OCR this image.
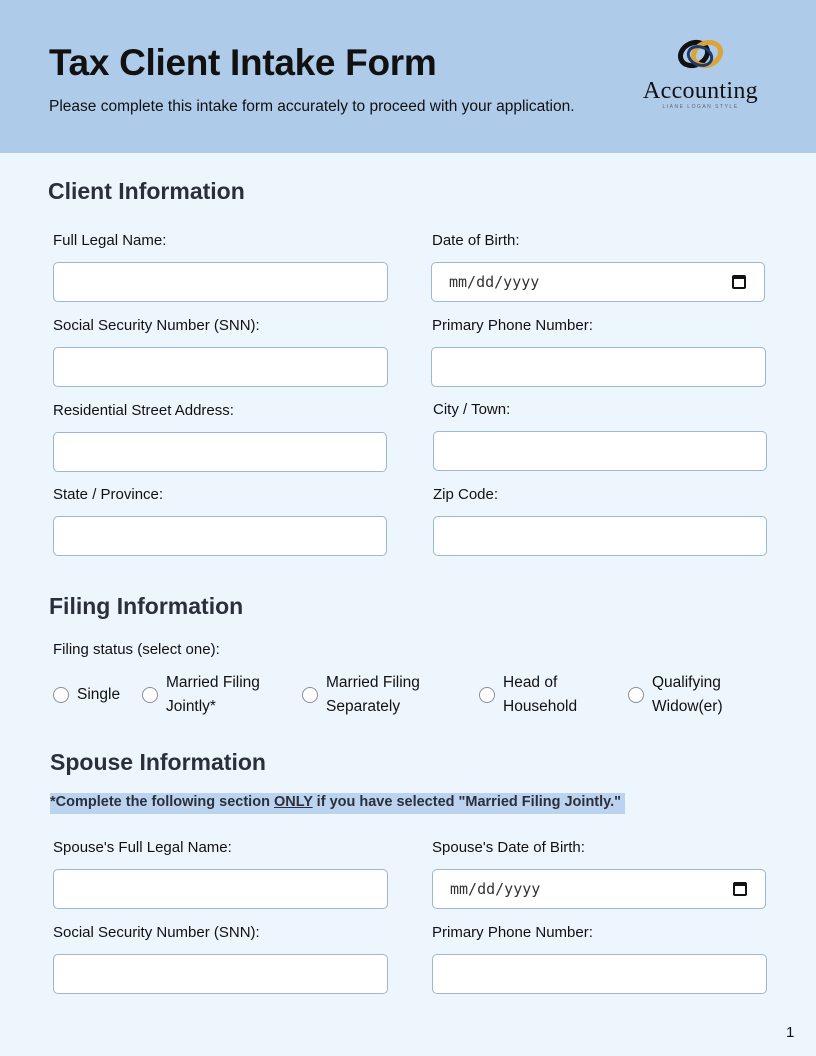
Tax Client Intake Form
Please complete this intake form accurately to proceed with your application.
Accounting
LIANE LOGAN STYLE
Client Information
Full Legal Name:	Date of Birth:
mm/dd/yyyy
Social Security Number (SNN):	Primary Phone Number:
Residential Street Address:	City / Town:
State / Province:	Zip Code:
Filing Information
Filing status (select one):
Single
Married Filing
Jointly*
Married Filing
Separately
Head of
Household
Qualifying
Widow(er)
Spouse Information
*Complete the following section ONLY if you have selected "Married Filing Jointly."
Spouse's Full Legal Name:	Spouse's Date of Birth:
mm/dd/yyyy
Social Security Number (SNN):	Primary Phone Number:
1
